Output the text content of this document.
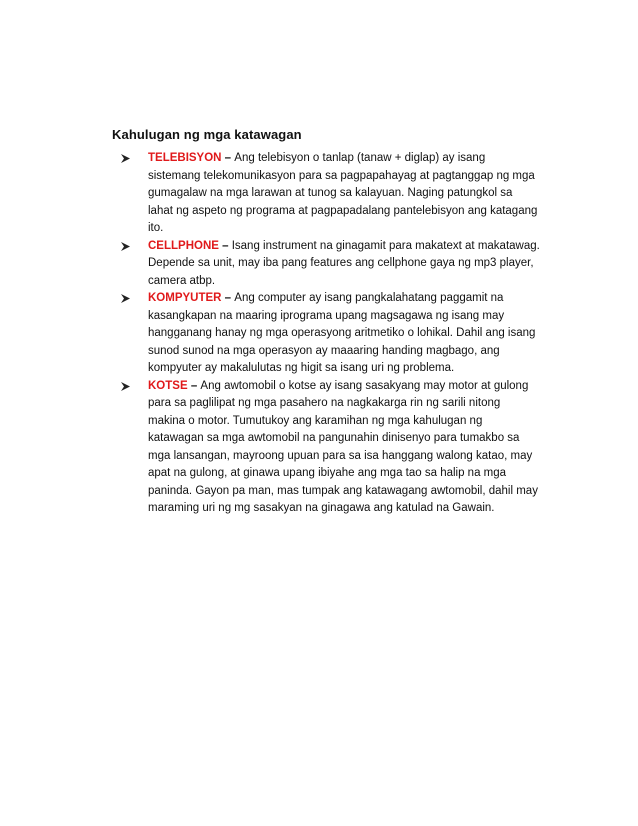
Kahulugan ng mga katawagan
TELEBISYON – Ang telebisyon o tanlap (tanaw + diglap) ay isang sistemang telekomunikasyon para sa pagpapahayag at pagtanggap ng mga gumagalaw na mga larawan at tunog sa kalayuan. Naging patungkol sa lahat ng aspeto ng programa at pagpapadalang pantelebisyon ang katagang ito.
CELLPHONE – Isang instrument na ginagamit para makatext at makatawag. Depende sa unit, may iba pang features ang cellphone gaya ng mp3 player, camera atbp.
KOMPYUTER – Ang computer ay isang pangkalahatang paggamit na kasangkapan na maaring iprograma upang magsagawa ng isang may hangganang hanay ng mga operasyong aritmetiko o lohikal. Dahil ang isang sunod sunod na mga operasyon ay maaaring handing magbago, ang kompyuter ay makalulutas ng higit sa isang uri ng problema.
KOTSE – Ang awtomobil o kotse ay isang sasakyang may motor at gulong para sa paglilipat ng mga pasahero na nagkakarga rin ng sarili nitong makina o motor. Tumutukoy ang karamihan ng mga kahulugan ng katawagan sa mga awtomobil na pangunahin dinisenyo para tumakbo sa mga lansangan, mayroong upuan para sa isa hanggang walong katao, may apat na gulong, at ginawa upang ibiyahe ang mga tao sa halip na mga paninda. Gayon pa man, mas tumpak ang katawagang awtomobil, dahil may maraming uri ng mg sasakyan na ginagawa ang katulad na Gawain.
